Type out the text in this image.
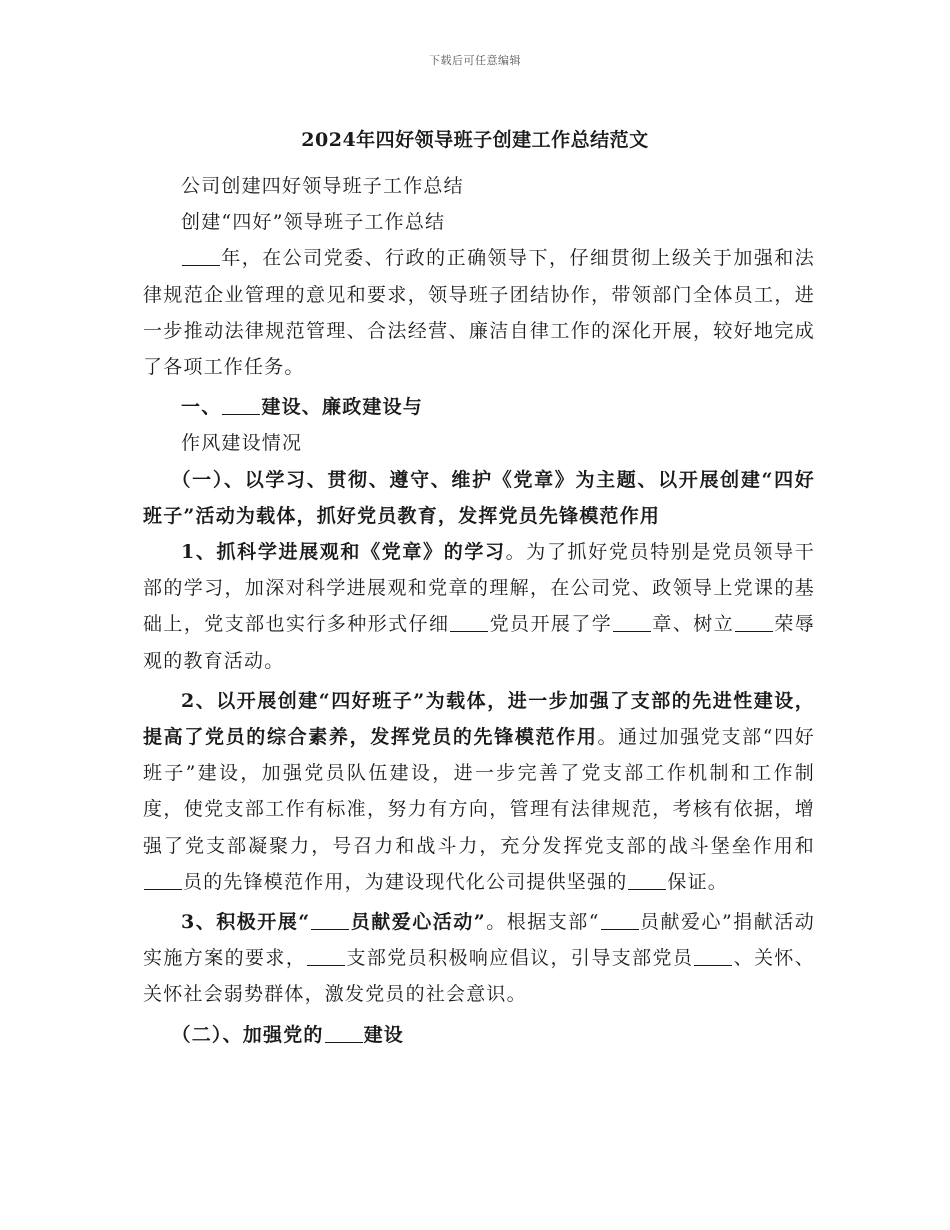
下载后可任意编辑
2024年四好领导班子创建工作总结范文

公司创建四好领导班子工作总结

创建“四好”领导班子工作总结

年，在公司党委、行政的正确领导下，仔细贯彻上级关于加强和法律规范企业管理的意见和要求，领导班子团结协作，带领部门全体员工，进一步推动法律规范管理、合法经营、廉洁自律工作的深化开展，较好地完成了各项工作任务。

一、 建设、廉政建设与

作风建设情况

（一）、以学习、贯彻、遵守、维护《党章》为主题、以开展创建“四好班子”活动为载体，抓好党员教育，发挥党员先锋模范作用

1、抓科学进展观和《党章》的学习。为了抓好党员特别是党员领导干部的学习，加深对科学进展观和党章的理解，在公司党、政领导上党课的基础上，党支部也实行多种形式仔细 党员开展了学 章、树立 荣辱观的教育活动。

2、以开展创建“四好班子”为载体，进一步加强了支部的先进性建设，提高了党员的综合素养，发挥党员的先锋模范作用。通过加强党支部“四好班子”建设，加强党员队伍建设，进一步完善了党支部工作机制和工作制度，使党支部工作有标准，努力有方向，管理有法律规范，考核有依据，增强了党支部凝聚力，号召力和战斗力，充分发挥党支部的战斗堡垒作用和员的先锋模范作用，为建设现代化公司提供坚强的 保证。

3、积极开展“ 员献爱心活动”。根据支部“ 员献爱心”捐献活动实施方案的要求， 支部党员积极响应倡议，引导支部党员 、关怀、关怀社会弱势群体，激发党员的社会意识。

（二）、加强党的 建设
